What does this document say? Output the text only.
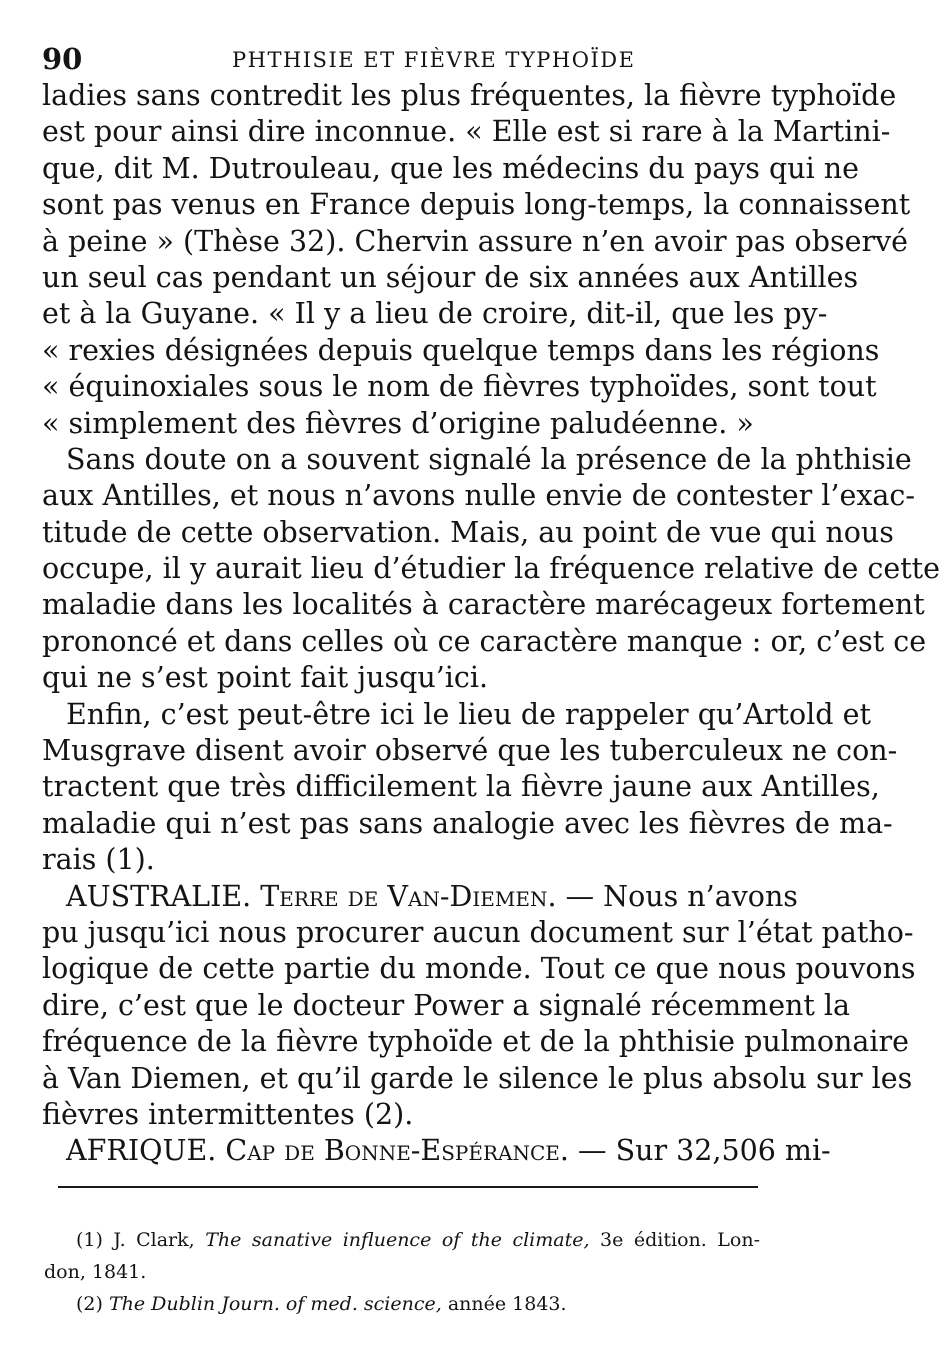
90	PHTHISIE ET FIÈVRE TYPHOÏDE
ladies sans contredit les plus fréquentes, la fièvre typhoïde
est pour ainsi dire inconnue. « Elle est si rare à la Martini-
que, dit M. Dutrouleau, que les médecins du pays qui ne
sont pas venus en France depuis long-temps, la connaissent
à peine » (Thèse 32). Chervin assure n’en avoir pas observé
un seul cas pendant un séjour de six années aux Antilles
et à la Guyane. « Il y a lieu de croire, dit-il, que les py-
« rexies désignées depuis quelque temps dans les régions
« équinoxiales sous le nom de fièvres typhoïdes, sont tout
« simplement des fièvres d’origine paludéenne. »
Sans doute on a souvent signalé la présence de la phthisie
aux Antilles, et nous n’avons nulle envie de contester l’exac-
titude de cette observation. Mais, au point de vue qui nous
occupe, il y aurait lieu d’étudier la fréquence relative de cette
maladie dans les localités à caractère marécageux fortement
prononcé et dans celles où ce caractère manque : or, c’est ce
qui ne s’est point fait jusqu’ici.
Enfin, c’est peut-être ici le lieu de rappeler qu’Artold et
Musgrave disent avoir observé que les tuberculeux ne con-
tractent que très difficilement la fièvre jaune aux Antilles,
maladie qui n’est pas sans analogie avec les fièvres de ma-
rais (1).
AUSTRALIE. Terre de Van-Diemen. — Nous n’avons
pu jusqu’ici nous procurer aucun document sur l’état patho-
logique de cette partie du monde. Tout ce que nous pouvons
dire, c’est que le docteur Power a signalé récemment la
fréquence de la fièvre typhoïde et de la phthisie pulmonaire
à Van Diemen, et qu’il garde le silence le plus absolu sur les
fièvres intermittentes (2).
AFRIQUE. Cap de Bonne-Espérance. — Sur 32,506 mi-
(1) J. Clark, The sanative influence of the climate, 3e édition. Lon-
don, 1841.
(2) The Dublin Journ. of med. science, année 1843.
